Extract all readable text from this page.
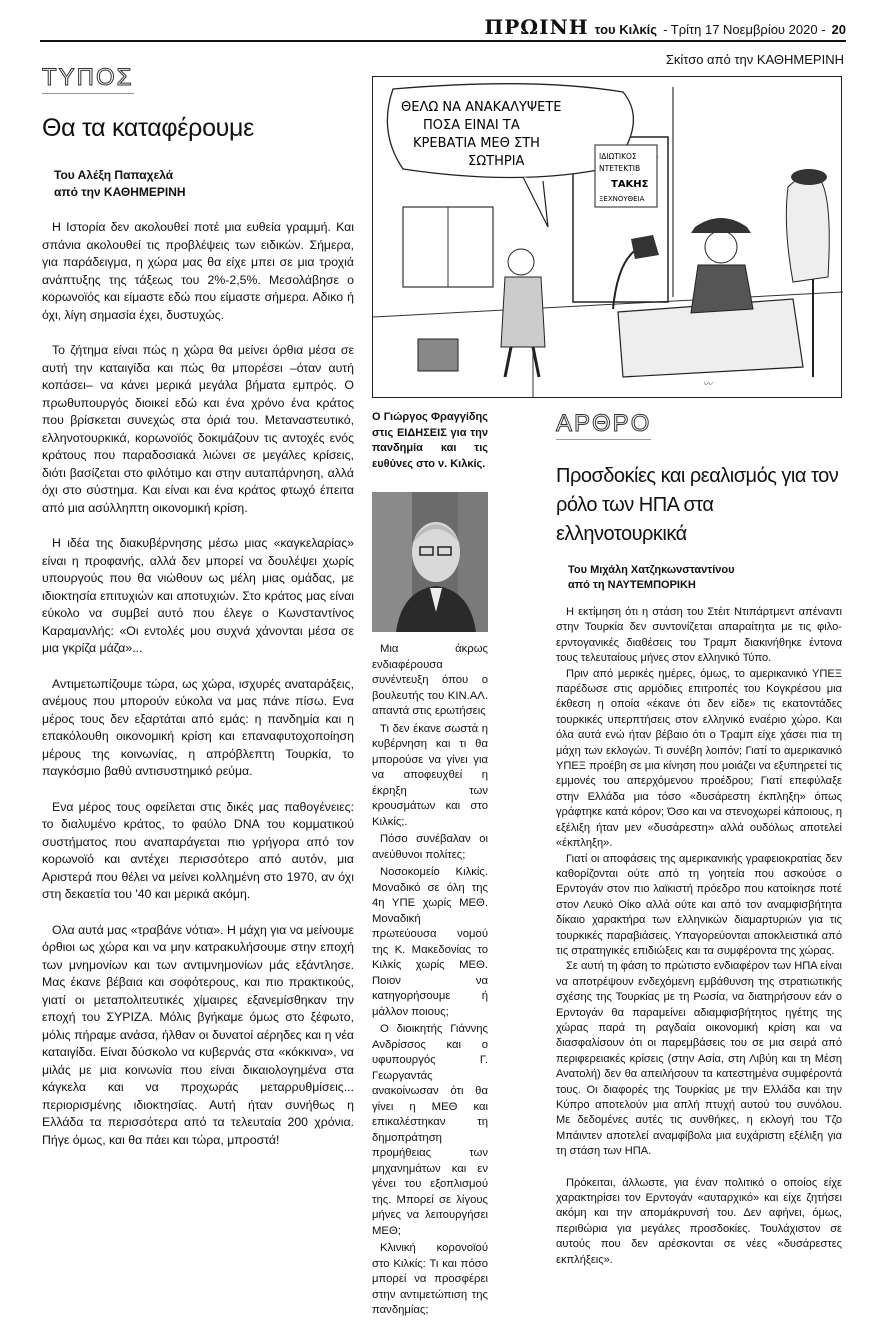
ΠΡΩΙΝΗ του Κιλκίς - Τρίτη 17 Νοεμβρίου 2020 - 20
Σκίτσο από την ΚΑΘΗΜΕΡΙΝΗ
ΤΥΠΟΣ
Θα τα καταφέρουμε
Του Αλέξη Παπαχελά
από την ΚΑΘΗΜΕΡΙΝΗ

Η Ιστορία δεν ακολουθεί ποτέ μια ευθεία γραμμή. Και σπάνια ακολουθεί τις προβλέψεις των ειδικών. Σήμερα, για παράδειγμα, η χώρα μας θα είχε μπει σε μια τροχιά ανάπτυξης της τάξεως του 2%-2,5%. Μεσολάβησε ο κορωνοϊός και είμαστε εδώ που είμαστε σήμερα. Αδικο ή όχι, λίγη σημασία έχει, δυστυχώς.

Το ζήτημα είναι πώς η χώρα θα μείνει όρθια μέσα σε αυτή την καταιγίδα και πώς θα μπορέσει –όταν αυτή κοπάσει– να κάνει μερικά μεγάλα βήματα εμπρός. Ο πρωθυπουργός διοικεί εδώ και ένα χρόνο ένα κράτος που βρίσκεται συνεχώς στα όριά του. Μεταναστευτικό, ελληνοτουρκικά, κορωνοϊός δοκιμάζουν τις αντοχές ενός κράτους που παραδοσιακά λιώνει σε μεγάλες κρίσεις, διότι βασίζεται στο φιλότιμο και στην αυταπάρνηση, αλλά όχι στο σύστημα. Και είναι και ένα κράτος φτωχό έπειτα από μια ασύλληπτη οικονομική κρίση.

Η ιδέα της διακυβέρνησης μέσω μιας «καγκελαρίας» είναι η προφανής, αλλά δεν μπορεί να δουλέψει χωρίς υπουργούς που θα νιώθουν ως μέλη μιας ομάδας, με ιδιοκτησία επιτυχιών και αποτυχιών. Στο κράτος μας είναι εύκολο να συμβεί αυτό που έλεγε ο Κωνσταντίνος Καραμανλής: «Οι εντολές μου συχνά χάνονται μέσα σε μια γκρίζα μάζα»...

Αντιμετωπίζουμε τώρα, ως χώρα, ισχυρές αναταράξεις, ανέμους που μπορούν εύκολα να μας πάνε πίσω. Ενα μέρος τους δεν εξαρτάται από εμάς: η πανδημία και η επακόλουθη οικονομική κρίση και επαναφυτοχοποίηση μέρους της κοινωνίας, η απρόβλεπτη Τουρκία, το παγκόσμιο βαθύ αντισυστημικό ρεύμα.

Ενα μέρος τους οφείλεται στις δικές μας παθογένειες: το διαλυμένο κράτος, το φαύλο DNA του κομματικού συστήματος που αναπαράγεται πιο γρήγορα από τον κορωνοϊό και αντέχει περισσότερο από αυτόν, μια Αριστερά που θέλει να μείνει κολλημένη στο 1970, αν όχι στη δεκαετία του '40 και μερικά ακόμη.

Ολα αυτά μας «τραβάνε νότια». Η μάχη για να μείνουμε όρθιοι ως χώρα και να μην κατρακυλήσουμε στην εποχή των μνημονίων και των αντιμνημονίων μάς εξάντλησε. Μας έκανε βέβαια και σοφότερους, και πιο πρακτικούς, γιατί οι μεταπολιτευτικές χίμαιρες εξανεμίσθηκαν την εποχή του ΣΥΡΙΖΑ. Μόλις βγήκαμε όμως στο ξέφωτο, μόλις πήραμε ανάσα, ήλθαν οι δυνατοί αέρηδες και η νέα καταιγίδα. Είναι δύσκολο να κυβερνάς στα «κόκκινα», να μιλάς με μια κοινωνία που είναι δικαιολογημένα στα κάγκελα και να προχωράς μεταρρυθμίσεις... περιορισμένης ιδιοκτησίας. Αυτή ήταν συνήθως η Ελλάδα τα περισσότερα από τα τελευταία 200 χρόνια. Πήγε όμως, και θα πάει και τώρα, μπροστά!

ΘΕΛΩ ΝΑ ΑΝΑΚΑΛΥΨΕΤΕ
ΠΟΣΑ ΕΙΝΑΙ ΤΑ
ΚΡΕΒΑΤΙΑ ΜΕΘ ΣΤΗ
ΣΩΤΗΡΙΑ	ΙΔΙΩΤΙΚΟΣ
ΝΤΕΤΕΚΤΙΒ
ΤΑΚΗΣ
ΞΕΧΝΟΥΘΕΙΑ
〰
Ο Γιώργος Φραγγίδης στις ΕΙΔΗΣΕΙΣ για την πανδημία και τις ευθύνες στο ν. Κιλκίς.

Μια άκρως ενδιαφέρουσα συνέντευξη όπου ο βουλευτής του ΚΙΝ.ΑΛ. απαντά στις ερωτήσεις

Τι δεν έκανε σωστά η κυβέρνηση και τι θα μπορούσε να γίνει για να αποφευχθεί η έκρηξη των κρουσμάτων και στο Κιλκίς;.

Πόσο συνέβαλαν οι ανεύθυνοι πολίτες;

Νοσοκομείο Κιλκίς. Μοναδικό σε όλη της 4η ΥΠΕ χωρίς ΜΕΘ. Μοναδική πρωτεύουσα νομού της Κ. Μακεδονίας το Κιλκίς χωρίς ΜΕΘ. Ποιον να κατηγορήσουμε ή μάλλον ποιους;

Ο διοικητής Γιάννης Ανδρίσσος και ο υφυπουργός Γ. Γεωργαντάς ανακοίνωσαν ότι θα γίνει η ΜΕΘ και επικαλέστηκαν τη δημοπράτηση προμήθειας των μηχανημάτων και εν γένει του εξοπλισμού της. Μπορεί σε λίγους μήνες να λειτουργήσει ΜΕΘ;

Κλινική κορονοϊού στο Κιλκίς: Τι και πόσο μπορεί να προσφέρει στην αντιμετώπιση της πανδημίας;

ΑΡΘΡΟ
Προσδοκίες και ρεαλισμός για τον ρόλο των ΗΠΑ στα ελληνοτουρκικά
Του Μιχάλη Χατζηκωνσταντίνου
από τη ΝΑΥΤΕΜΠΟΡΙΚΗ

Η εκτίμηση ότι η στάση του Στέιτ Ντιπάρτμεντ απέναντι στην Τουρκία δεν συντονίζεται απαραίτητα με τις φιλο-ερντογανικές διαθέσεις του Τραμπ διακινήθηκε έντονα τους τελευταίους μήνες στον ελληνικό Τύπο.

Πριν από μερικές ημέρες, όμως, το αμερικανικό ΥΠΕΞ παρέδωσε στις αρμόδιες επιτροπές του Κογκρέσου μια έκθεση η οποία «έκανε ότι δεν είδε» τις εκατοντάδες τουρκικές υπερπτήσεις στον ελληνικό εναέριο χώρο. Και όλα αυτά ενώ ήταν βέβαιο ότι ο Τραμπ είχε χάσει πια τη μάχη των εκλογών. Τι συνέβη λοιπόν; Γιατί το αμερικανικό ΥΠΕΞ προέβη σε μια κίνηση που μοιάζει να εξυπηρετεί τις εμμονές του απερχόμενου προέδρου; Γιατί επεφύλαξε στην Ελλάδα μια τόσο «δυσάρεστη έκπληξη» όπως γράφτηκε κατά κόρον; Όσο και να στενοχωρεί κάποιους, η εξέλιξη ήταν μεν «δυσάρεστη» αλλά ουδόλως αποτελεί «έκπληξη».

Γιατί οι αποφάσεις της αμερικανικής γραφειοκρατίας δεν καθορίζονται ούτε από τη γοητεία που ασκούσε ο Ερντογάν στον πιο λαϊκιστή πρόεδρο που κατοίκησε ποτέ στον Λευκό Οίκο αλλά ούτε και από τον αναμφισβήτητα δίκαιο χαρακτήρα των ελληνικών διαμαρτυριών για τις τουρκικές παραβιάσεις. Υπαγορεύονται αποκλειστικά από τις στρατηγικές επιδιώξεις και τα συμφέροντα της χώρας.

Σε αυτή τη φάση το πρώτιστο ενδιαφέρον των ΗΠΑ είναι να αποτρέψουν ενδεχόμενη εμβάθυνση της στρατιωτικής σχέσης της Τουρκίας με τη Ρωσία, να διατηρήσουν εάν ο Ερντογάν θα παραμείνει αδιαμφισβήτητος ηγέτης της χώρας παρά τη ραγδαία οικονομική κρίση και να διασφαλίσουν ότι οι παρεμβάσεις του σε μια σειρά από περιφερειακές κρίσεις (στην Ασία, στη Λιβύη και τη Μέση Ανατολή) δεν θα απειλήσουν τα κατεστημένα συμφέροντά τους. Οι διαφορές της Τουρκίας με την Ελλάδα και την Κύπρο αποτελούν μια απλή πτυχή αυτού του συνόλου. Με δεδομένες αυτές τις συνθήκες, η εκλογή του Τζο Μπάιντεν αποτελεί αναμφίβολα μια ευχάριστη εξέλιξη για τη στάση των ΗΠΑ.

Πρόκειται, άλλωστε, για έναν πολιτικό ο οποίος είχε χαρακτηρίσει τον Ερντογάν «αυταρχικό» και είχε ζητήσει ακόμη και την απομάκρυνσή του. Δεν αφήνει, όμως, περιθώρια για μεγάλες προσδοκίες. Τουλάχιστον σε αυτούς που δεν αρέσκονται σε νέες «δυσάρεστες εκπλήξεις».
